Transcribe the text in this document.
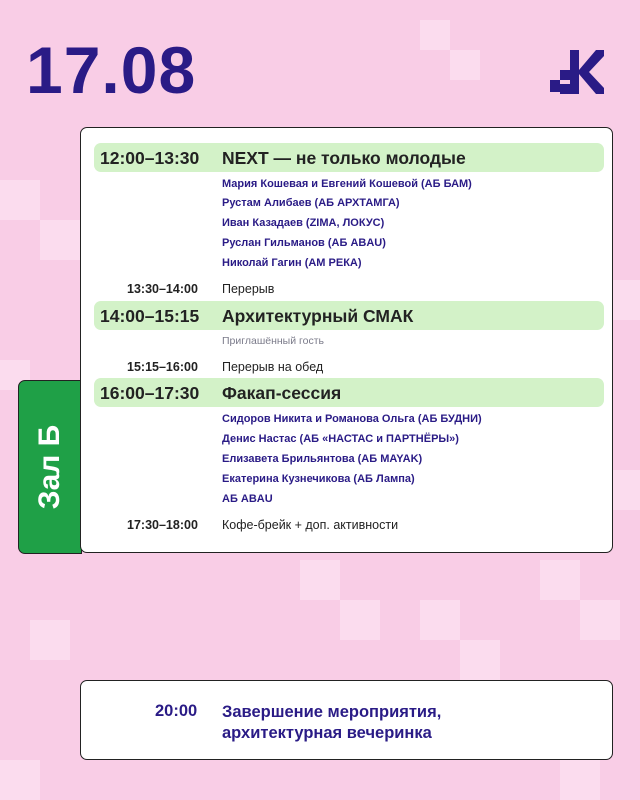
17.08
Зал Б
12:00–13:30 NEXT — не только молодые
Мария Кошевая и Евгений Кошевой (АБ БАМ)
Рустам Алибаев (АБ АРХТАМГА)
Иван Казадаев (ZIMA, ЛОКУС)
Руслан Гильманов (АБ ABAU)
Николай Гагин (АМ РЕКА)
13:30–14:00 Перерыв
14:00–15:15 Архитектурный СМАК
Приглашённый гость
15:15–16:00 Перерыв на обед
16:00–17:30 Факап-сессия
Сидоров Никита и Романова Ольга (АБ БУДНИ)
Денис Настас (АБ «НАСТАС и ПАРТНЁРЫ»)
Елизавета Брильянтова (АБ MAYAK)
Екатерина Кузнечикова (АБ Лампа)
АБ ABAU
17:30–18:00 Кофе-брейк + доп. активности
20:00 Завершение мероприятия,
архитектурная вечеринка
